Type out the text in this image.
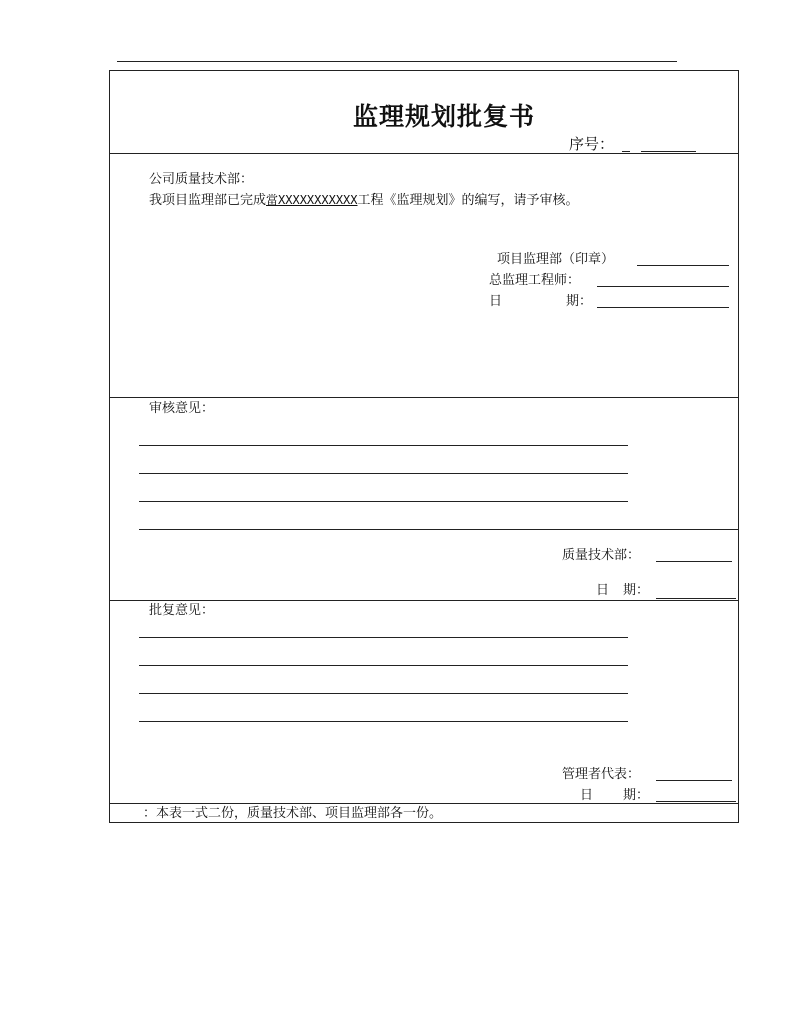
监理规划批复书
序号：
公司质量技术部：
我项目监理部已完成當XXXXXXXXXXX工程《监理规划》的编写，请予审核。
项目监理部（印章）
总监理工程师：
日	期：
审核意见：
质量技术部：
日 期：
批复意见：
管理者代表：
日 期：
：本表一式二份，质量技术部、项目监理部各一份。
